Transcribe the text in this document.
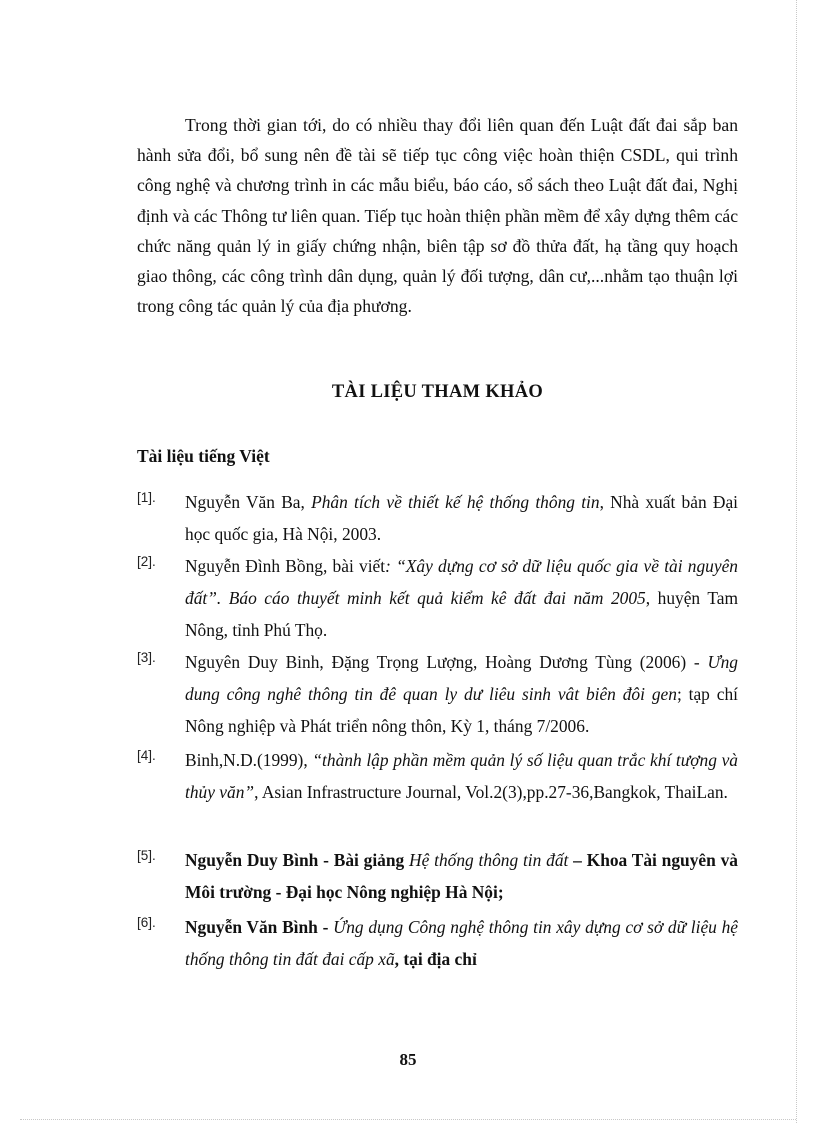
Trong thời gian tới, do có nhiều thay đổi liên quan đến Luật đất đai sắp ban hành sửa đổi, bổ sung nên đề tài sẽ tiếp tục công việc hoàn thiện CSDL, qui trình công nghệ và chương trình in các mẫu biểu, báo cáo, sổ sách theo Luật đất đai, Nghị định và các Thông tư liên quan. Tiếp tục hoàn thiện phần mềm để xây dựng thêm các chức năng quản lý in giấy chứng nhận, biên tập sơ đồ thửa đất, hạ tầng quy hoạch giao thông, các công trình dân dụng, quản lý đối tượng, dân cư,...nhằm tạo thuận lợi trong công tác quản lý của địa phương.

TÀI LIỆU THAM KHẢO
Tài liệu tiếng Việt
[1]. Nguyễn Văn Ba, Phân tích về thiết kế hệ thống thông tin, Nhà xuất bản Đại học quốc gia, Hà Nội, 2003.
[2]. Nguyễn Đình Bồng, bài viết: “Xây dựng cơ sở dữ liệu quốc gia về tài nguyên đất”. Báo cáo thuyết minh kết quả kiểm kê đất đai năm 2005, huyện Tam Nông, tỉnh Phú Thọ.
[3]. Nguyên Duy Binh, Đặng Trọng Lượng, Hoàng Dương Tùng (2006) - Ưng dung công nghê thông tin đê quan ly dư liêu sinh vât biên đôi gen; tạp chí Nông nghiệp và Phát triển nông thôn, Kỳ 1, tháng 7/2006.
[4]. Binh,N.D.(1999), “thành lập phần mềm quản lý số liệu quan trắc khí tượng và thủy văn”, Asian Infrastructure Journal, Vol.2(3),pp.27-36,Bangkok, ThaiLan.
[5]. Nguyễn Duy Bình - Bài giảng Hệ thống thông tin đất – Khoa Tài nguyên và Môi trường - Đại học Nông nghiệp Hà Nội;
[6]. Nguyễn Văn Bình - Ứng dụng Công nghệ thông tin xây dựng cơ sở dữ liệu hệ thống thông tin đất đai cấp xã, tại địa chỉ
85
